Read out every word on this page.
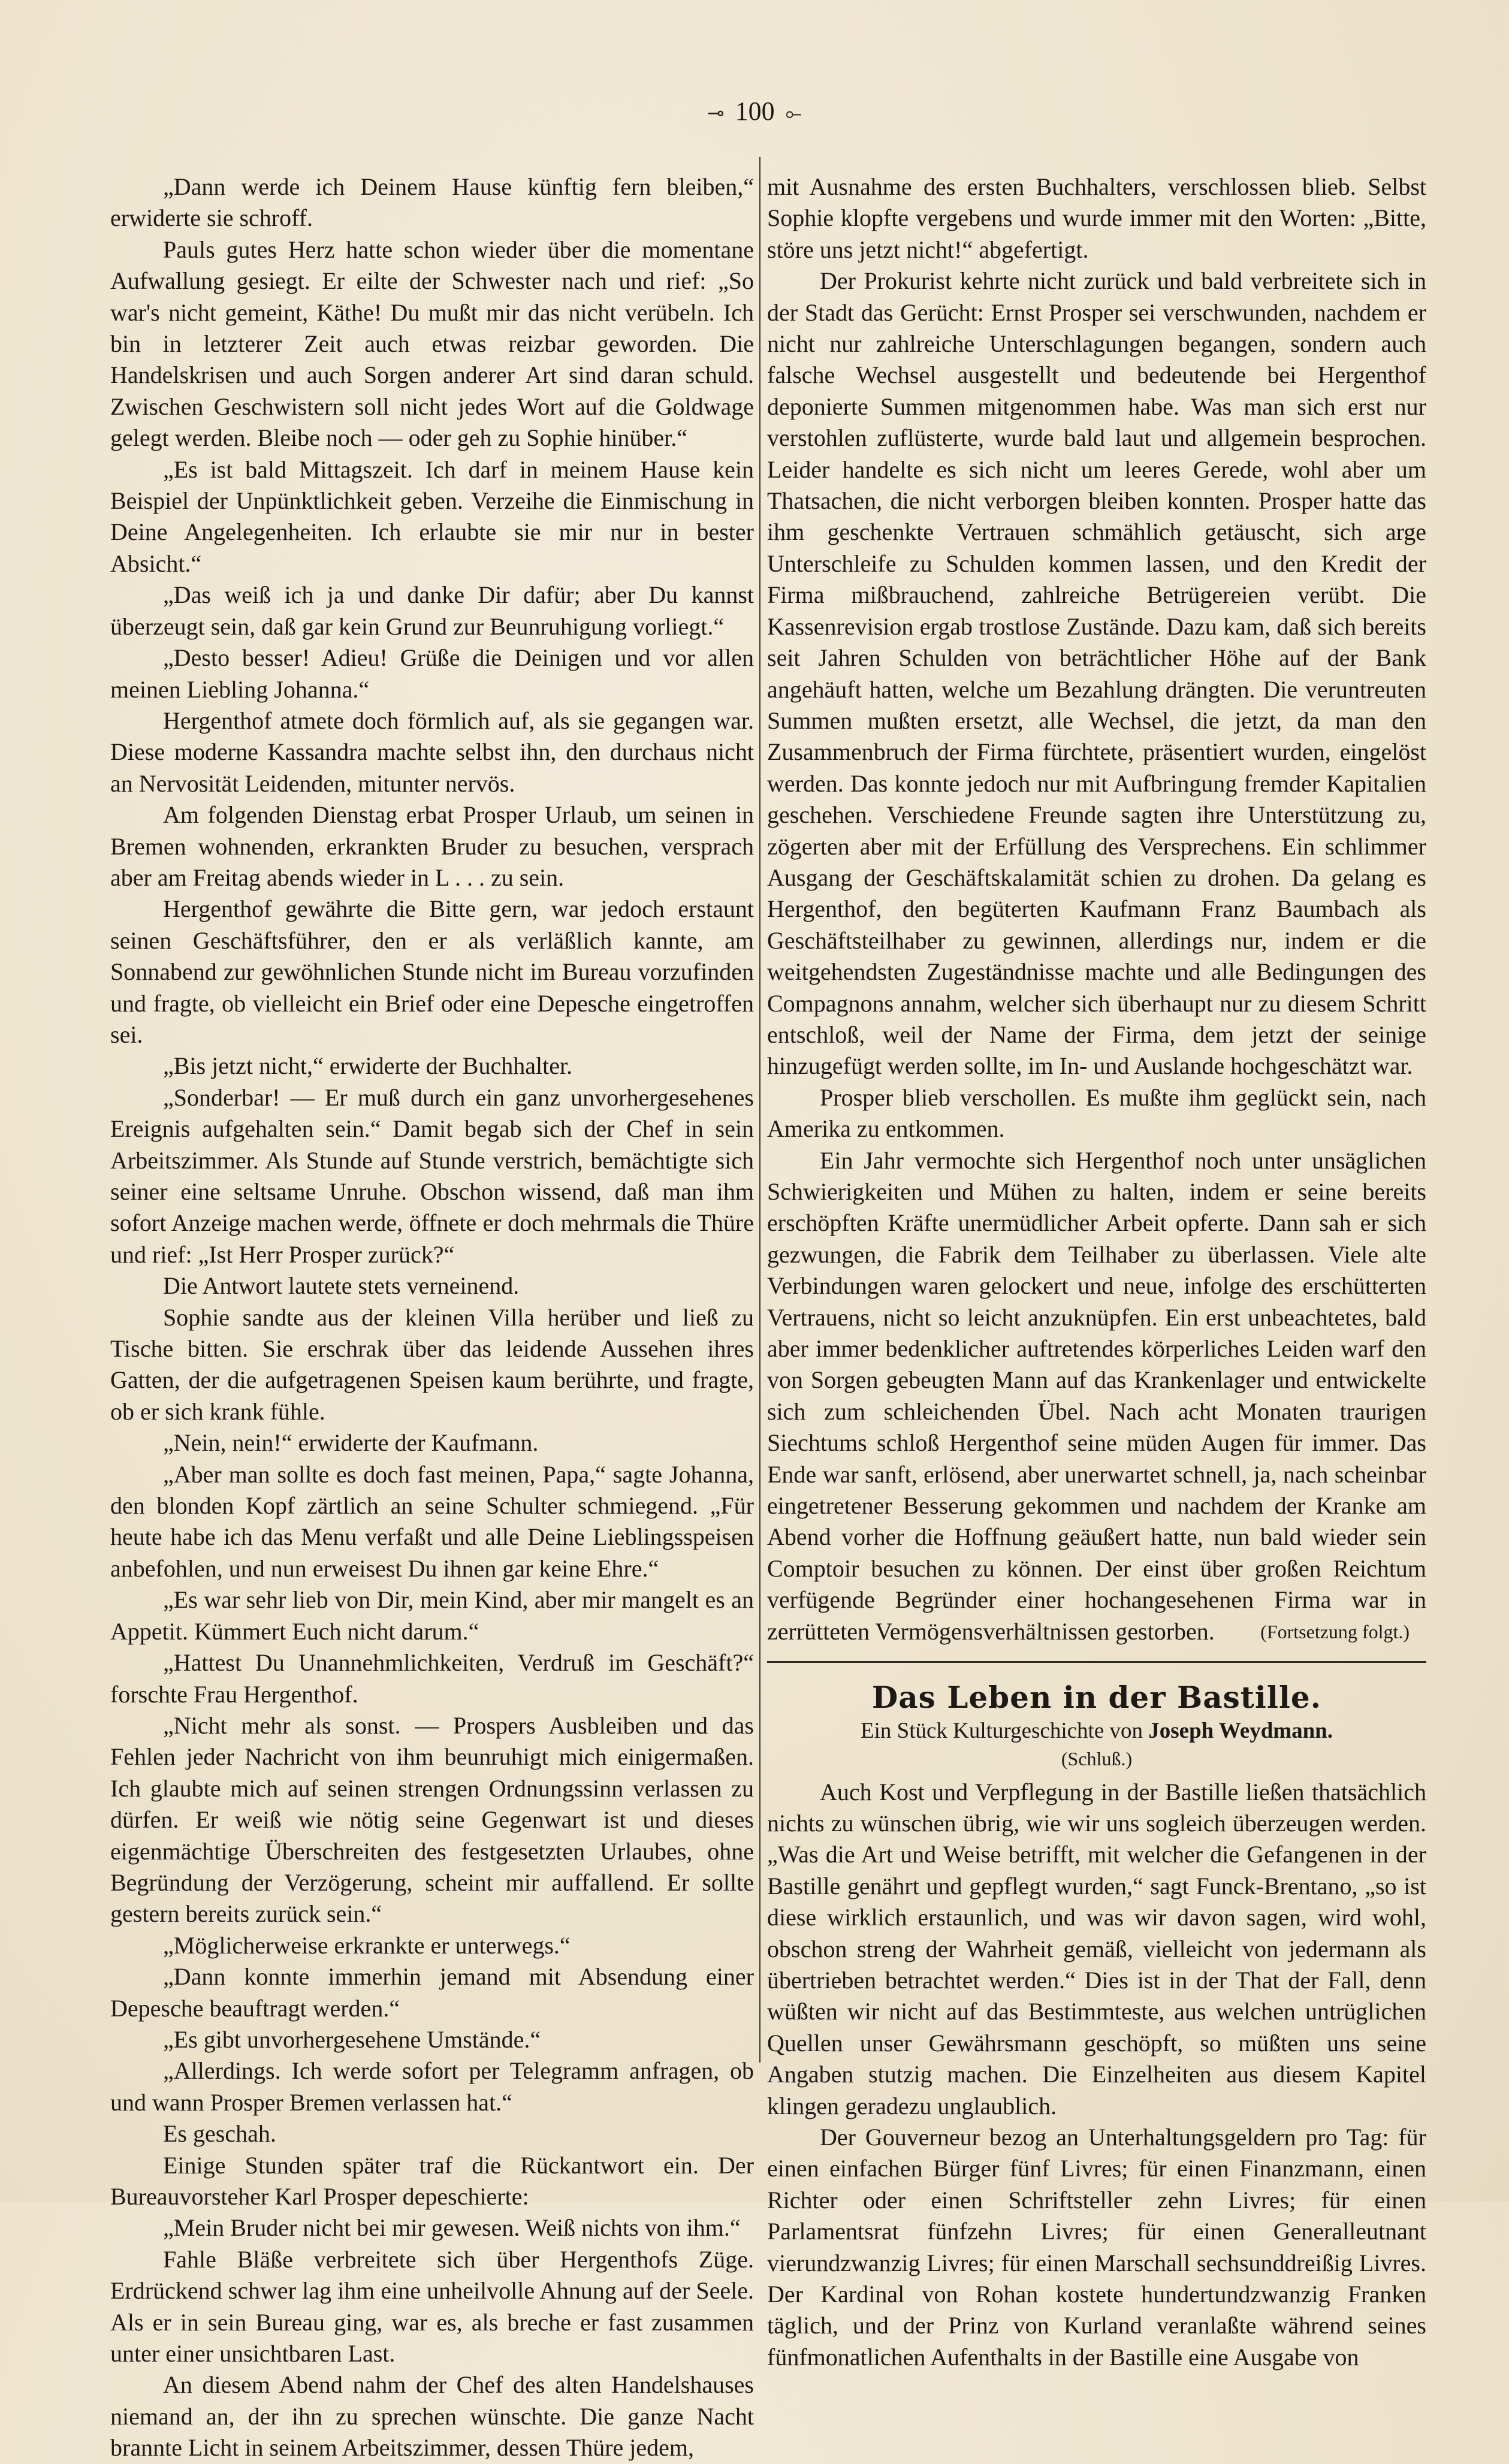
⊸ 100 ⟜

„Dann werde ich Deinem Hause künftig fern bleiben,“ erwiderte sie schroff.

Pauls gutes Herz hatte schon wieder über die momentane Aufwallung gesiegt. Er eilte der Schwester nach und rief: „So war's nicht gemeint, Käthe! Du mußt mir das nicht verübeln. Ich bin in letzterer Zeit auch etwas reizbar geworden. Die Handelskrisen und auch Sorgen anderer Art sind daran schuld. Zwischen Geschwistern soll nicht jedes Wort auf die Goldwage gelegt werden. Bleibe noch — oder geh zu Sophie hinüber.“

„Es ist bald Mittagszeit. Ich darf in meinem Hause kein Beispiel der Unpünktlichkeit geben. Verzeihe die Einmischung in Deine Angelegenheiten. Ich erlaubte sie mir nur in bester Absicht.“

„Das weiß ich ja und danke Dir dafür; aber Du kannst überzeugt sein, daß gar kein Grund zur Beunruhigung vorliegt.“

„Desto besser! Adieu! Grüße die Deinigen und vor allen meinen Liebling Johanna.“

Hergenthof atmete doch förmlich auf, als sie gegangen war. Diese moderne Kassandra machte selbst ihn, den durchaus nicht an Nervosität Leidenden, mitunter nervös.

Am folgenden Dienstag erbat Prosper Urlaub, um seinen in Bremen wohnenden, erkrankten Bruder zu besuchen, versprach aber am Freitag abends wieder in L . . . zu sein.

Hergenthof gewährte die Bitte gern, war jedoch erstaunt seinen Geschäftsführer, den er als verläßlich kannte, am Sonnabend zur gewöhnlichen Stunde nicht im Bureau vorzufinden und fragte, ob vielleicht ein Brief oder eine Depesche eingetroffen sei.

„Bis jetzt nicht,“ erwiderte der Buchhalter.

„Sonderbar! — Er muß durch ein ganz unvorhergesehenes Ereignis aufgehalten sein.“ Damit begab sich der Chef in sein Arbeitszimmer. Als Stunde auf Stunde verstrich, bemächtigte sich seiner eine seltsame Unruhe. Obschon wissend, daß man ihm sofort Anzeige machen werde, öffnete er doch mehrmals die Thüre und rief: „Ist Herr Prosper zurück?“

Die Antwort lautete stets verneinend.

Sophie sandte aus der kleinen Villa herüber und ließ zu Tische bitten. Sie erschrak über das leidende Aussehen ihres Gatten, der die aufgetragenen Speisen kaum berührte, und fragte, ob er sich krank fühle.

„Nein, nein!“ erwiderte der Kaufmann.

„Aber man sollte es doch fast meinen, Papa,“ sagte Johanna, den blonden Kopf zärtlich an seine Schulter schmiegend. „Für heute habe ich das Menu verfaßt und alle Deine Lieblingsspeisen anbefohlen, und nun erweisest Du ihnen gar keine Ehre.“

„Es war sehr lieb von Dir, mein Kind, aber mir mangelt es an Appetit. Kümmert Euch nicht darum.“

„Hattest Du Unannehmlichkeiten, Verdruß im Geschäft?“ forschte Frau Hergenthof.

„Nicht mehr als sonst. — Prospers Ausbleiben und das Fehlen jeder Nachricht von ihm beunruhigt mich einigermaßen. Ich glaubte mich auf seinen strengen Ordnungssinn verlassen zu dürfen. Er weiß wie nötig seine Gegenwart ist und dieses eigenmächtige Überschreiten des festgesetzten Urlaubes, ohne Begründung der Verzögerung, scheint mir auffallend. Er sollte gestern bereits zurück sein.“

„Möglicherweise erkrankte er unterwegs.“

„Dann konnte immerhin jemand mit Absendung einer Depesche beauftragt werden.“

„Es gibt unvorhergesehene Umstände.“

„Allerdings. Ich werde sofort per Telegramm anfragen, ob und wann Prosper Bremen verlassen hat.“

Es geschah.

Einige Stunden später traf die Rückantwort ein. Der Bureauvorsteher Karl Prosper depeschierte:

„Mein Bruder nicht bei mir gewesen. Weiß nichts von ihm.“

Fahle Bläße verbreitete sich über Hergenthofs Züge. Erdrückend schwer lag ihm eine unheilvolle Ahnung auf der Seele. Als er in sein Bureau ging, war es, als breche er fast zusammen unter einer unsichtbaren Last.

An diesem Abend nahm der Chef des alten Handelshauses niemand an, der ihn zu sprechen wünschte. Die ganze Nacht brannte Licht in seinem Arbeitszimmer, dessen Thüre jedem,

mit Ausnahme des ersten Buchhalters, verschlossen blieb. Selbst Sophie klopfte vergebens und wurde immer mit den Worten: „Bitte, störe uns jetzt nicht!“ abgefertigt.

Der Prokurist kehrte nicht zurück und bald verbreitete sich in der Stadt das Gerücht: Ernst Prosper sei verschwunden, nachdem er nicht nur zahlreiche Unterschlagungen begangen, sondern auch falsche Wechsel ausgestellt und bedeutende bei Hergenthof deponierte Summen mitgenommen habe. Was man sich erst nur verstohlen zuflüsterte, wurde bald laut und allgemein besprochen. Leider handelte es sich nicht um leeres Gerede, wohl aber um Thatsachen, die nicht verborgen bleiben konnten. Prosper hatte das ihm geschenkte Vertrauen schmählich getäuscht, sich arge Unterschleife zu Schulden kommen lassen, und den Kredit der Firma mißbrauchend, zahlreiche Betrügereien verübt. Die Kassenrevision ergab trostlose Zustände. Dazu kam, daß sich bereits seit Jahren Schulden von beträchtlicher Höhe auf der Bank angehäuft hatten, welche um Bezahlung drängten. Die veruntreuten Summen mußten ersetzt, alle Wechsel, die jetzt, da man den Zusammenbruch der Firma fürchtete, präsentiert wurden, eingelöst werden. Das konnte jedoch nur mit Aufbringung fremder Kapitalien geschehen. Verschiedene Freunde sagten ihre Unterstützung zu, zögerten aber mit der Erfüllung des Versprechens. Ein schlimmer Ausgang der Geschäftskalamität schien zu drohen. Da gelang es Hergenthof, den begüterten Kaufmann Franz Baumbach als Geschäftsteilhaber zu gewinnen, allerdings nur, indem er die weitgehendsten Zugeständnisse machte und alle Bedingungen des Compagnons annahm, welcher sich überhaupt nur zu diesem Schritt entschloß, weil der Name der Firma, dem jetzt der seinige hinzugefügt werden sollte, im In- und Auslande hochgeschätzt war.

Prosper blieb verschollen. Es mußte ihm geglückt sein, nach Amerika zu entkommen.

Ein Jahr vermochte sich Hergenthof noch unter unsäglichen Schwierigkeiten und Mühen zu halten, indem er seine bereits erschöpften Kräfte unermüdlicher Arbeit opferte. Dann sah er sich gezwungen, die Fabrik dem Teilhaber zu überlassen. Viele alte Verbindungen waren gelockert und neue, infolge des erschütterten Vertrauens, nicht so leicht anzuknüpfen. Ein erst unbeachtetes, bald aber immer bedenklicher auftretendes körperliches Leiden warf den von Sorgen gebeugten Mann auf das Krankenlager und entwickelte sich zum schleichenden Übel. Nach acht Monaten traurigen Siechtums schloß Hergenthof seine müden Augen für immer. Das Ende war sanft, erlösend, aber unerwartet schnell, ja, nach scheinbar eingetretener Besserung gekommen und nachdem der Kranke am Abend vorher die Hoffnung geäußert hatte, nun bald wieder sein Comptoir besuchen zu können. Der einst über großen Reichtum verfügende Begründer einer hochangesehenen Firma war in zerrütteten Vermögensverhältnissen gestorben.	(Fortsetzung folgt.)
Das Leben in der Bastille.
Ein Stück Kulturgeschichte von Joseph Weydmann.
(Schluß.)

Auch Kost und Verpflegung in der Bastille ließen thatsächlich nichts zu wünschen übrig, wie wir uns sogleich überzeugen werden. „Was die Art und Weise betrifft, mit welcher die Gefangenen in der Bastille genährt und gepflegt wurden,“ sagt Funck-Brentano, „so ist diese wirklich erstaunlich, und was wir davon sagen, wird wohl, obschon streng der Wahrheit gemäß, vielleicht von jedermann als übertrieben betrachtet werden.“ Dies ist in der That der Fall, denn wüßten wir nicht auf das Bestimmteste, aus welchen untrüglichen Quellen unser Gewährsmann geschöpft, so müßten uns seine Angaben stutzig machen. Die Einzelheiten aus diesem Kapitel klingen geradezu unglaublich.

Der Gouverneur bezog an Unterhaltungsgeldern pro Tag: für einen einfachen Bürger fünf Livres; für einen Finanzmann, einen Richter oder einen Schriftsteller zehn Livres; für einen Parlamentsrat fünfzehn Livres; für einen Generalleutnant vierundzwanzig Livres; für einen Marschall sechsunddreißig Livres. Der Kardinal von Rohan kostete hundertundzwanzig Franken täglich, und der Prinz von Kurland veranlaßte während seines fünfmonatlichen Aufenthalts in der Bastille eine Ausgabe von
